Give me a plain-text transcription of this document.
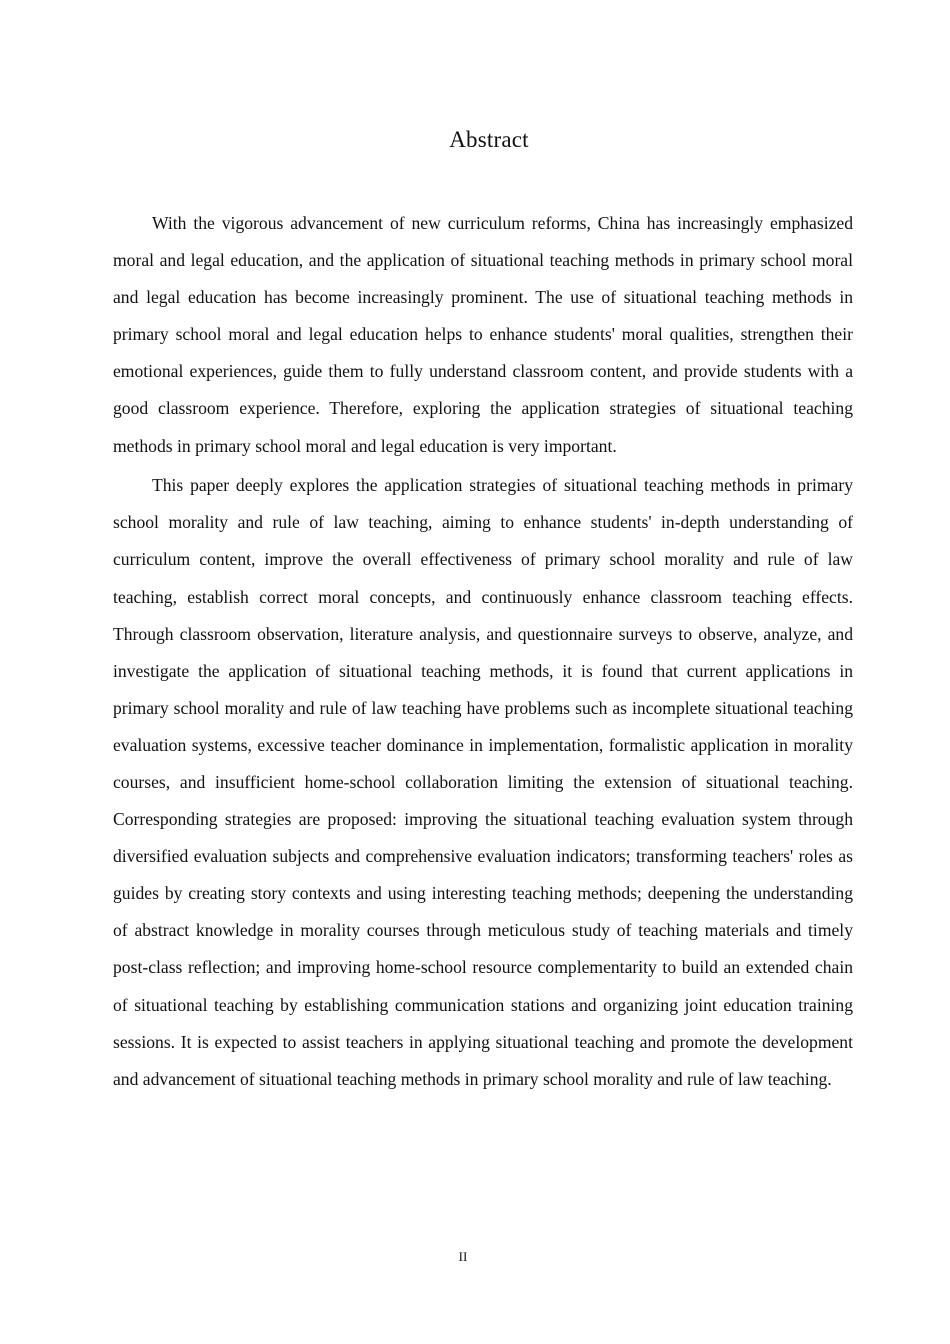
Abstract

With the vigorous advancement of new curriculum reforms, China has increasingly emphasized moral and legal education, and the application of situational teaching methods in primary school moral and legal education has become increasingly prominent. The use of situational teaching methods in primary school moral and legal education helps to enhance students' moral qualities, strengthen their emotional experiences, guide them to fully understand classroom content, and provide students with a good classroom experience. Therefore, exploring the application strategies of situational teaching methods in primary school moral and legal education is very important.

This paper deeply explores the application strategies of situational teaching methods in primary school morality and rule of law teaching, aiming to enhance students' in-depth understanding of curriculum content, improve the overall effectiveness of primary school morality and rule of law teaching, establish correct moral concepts, and continuously enhance classroom teaching effects. Through classroom observation, literature analysis, and questionnaire surveys to observe, analyze, and investigate the application of situational teaching methods, it is found that current applications in primary school morality and rule of law teaching have problems such as incomplete situational teaching evaluation systems, excessive teacher dominance in implementation, formalistic application in morality courses, and insufficient home-school collaboration limiting the extension of situational teaching. Corresponding strategies are proposed: improving the situational teaching evaluation system through diversified evaluation subjects and comprehensive evaluation indicators; transforming teachers' roles as guides by creating story contexts and using interesting teaching methods; deepening the understanding of abstract knowledge in morality courses through meticulous study of teaching materials and timely post-class reflection; and improving home-school resource complementarity to build an extended chain of situational teaching by establishing communication stations and organizing joint education training sessions. It is expected to assist teachers in applying situational teaching and promote the development and advancement of situational teaching methods in primary school morality and rule of law teaching.

II
